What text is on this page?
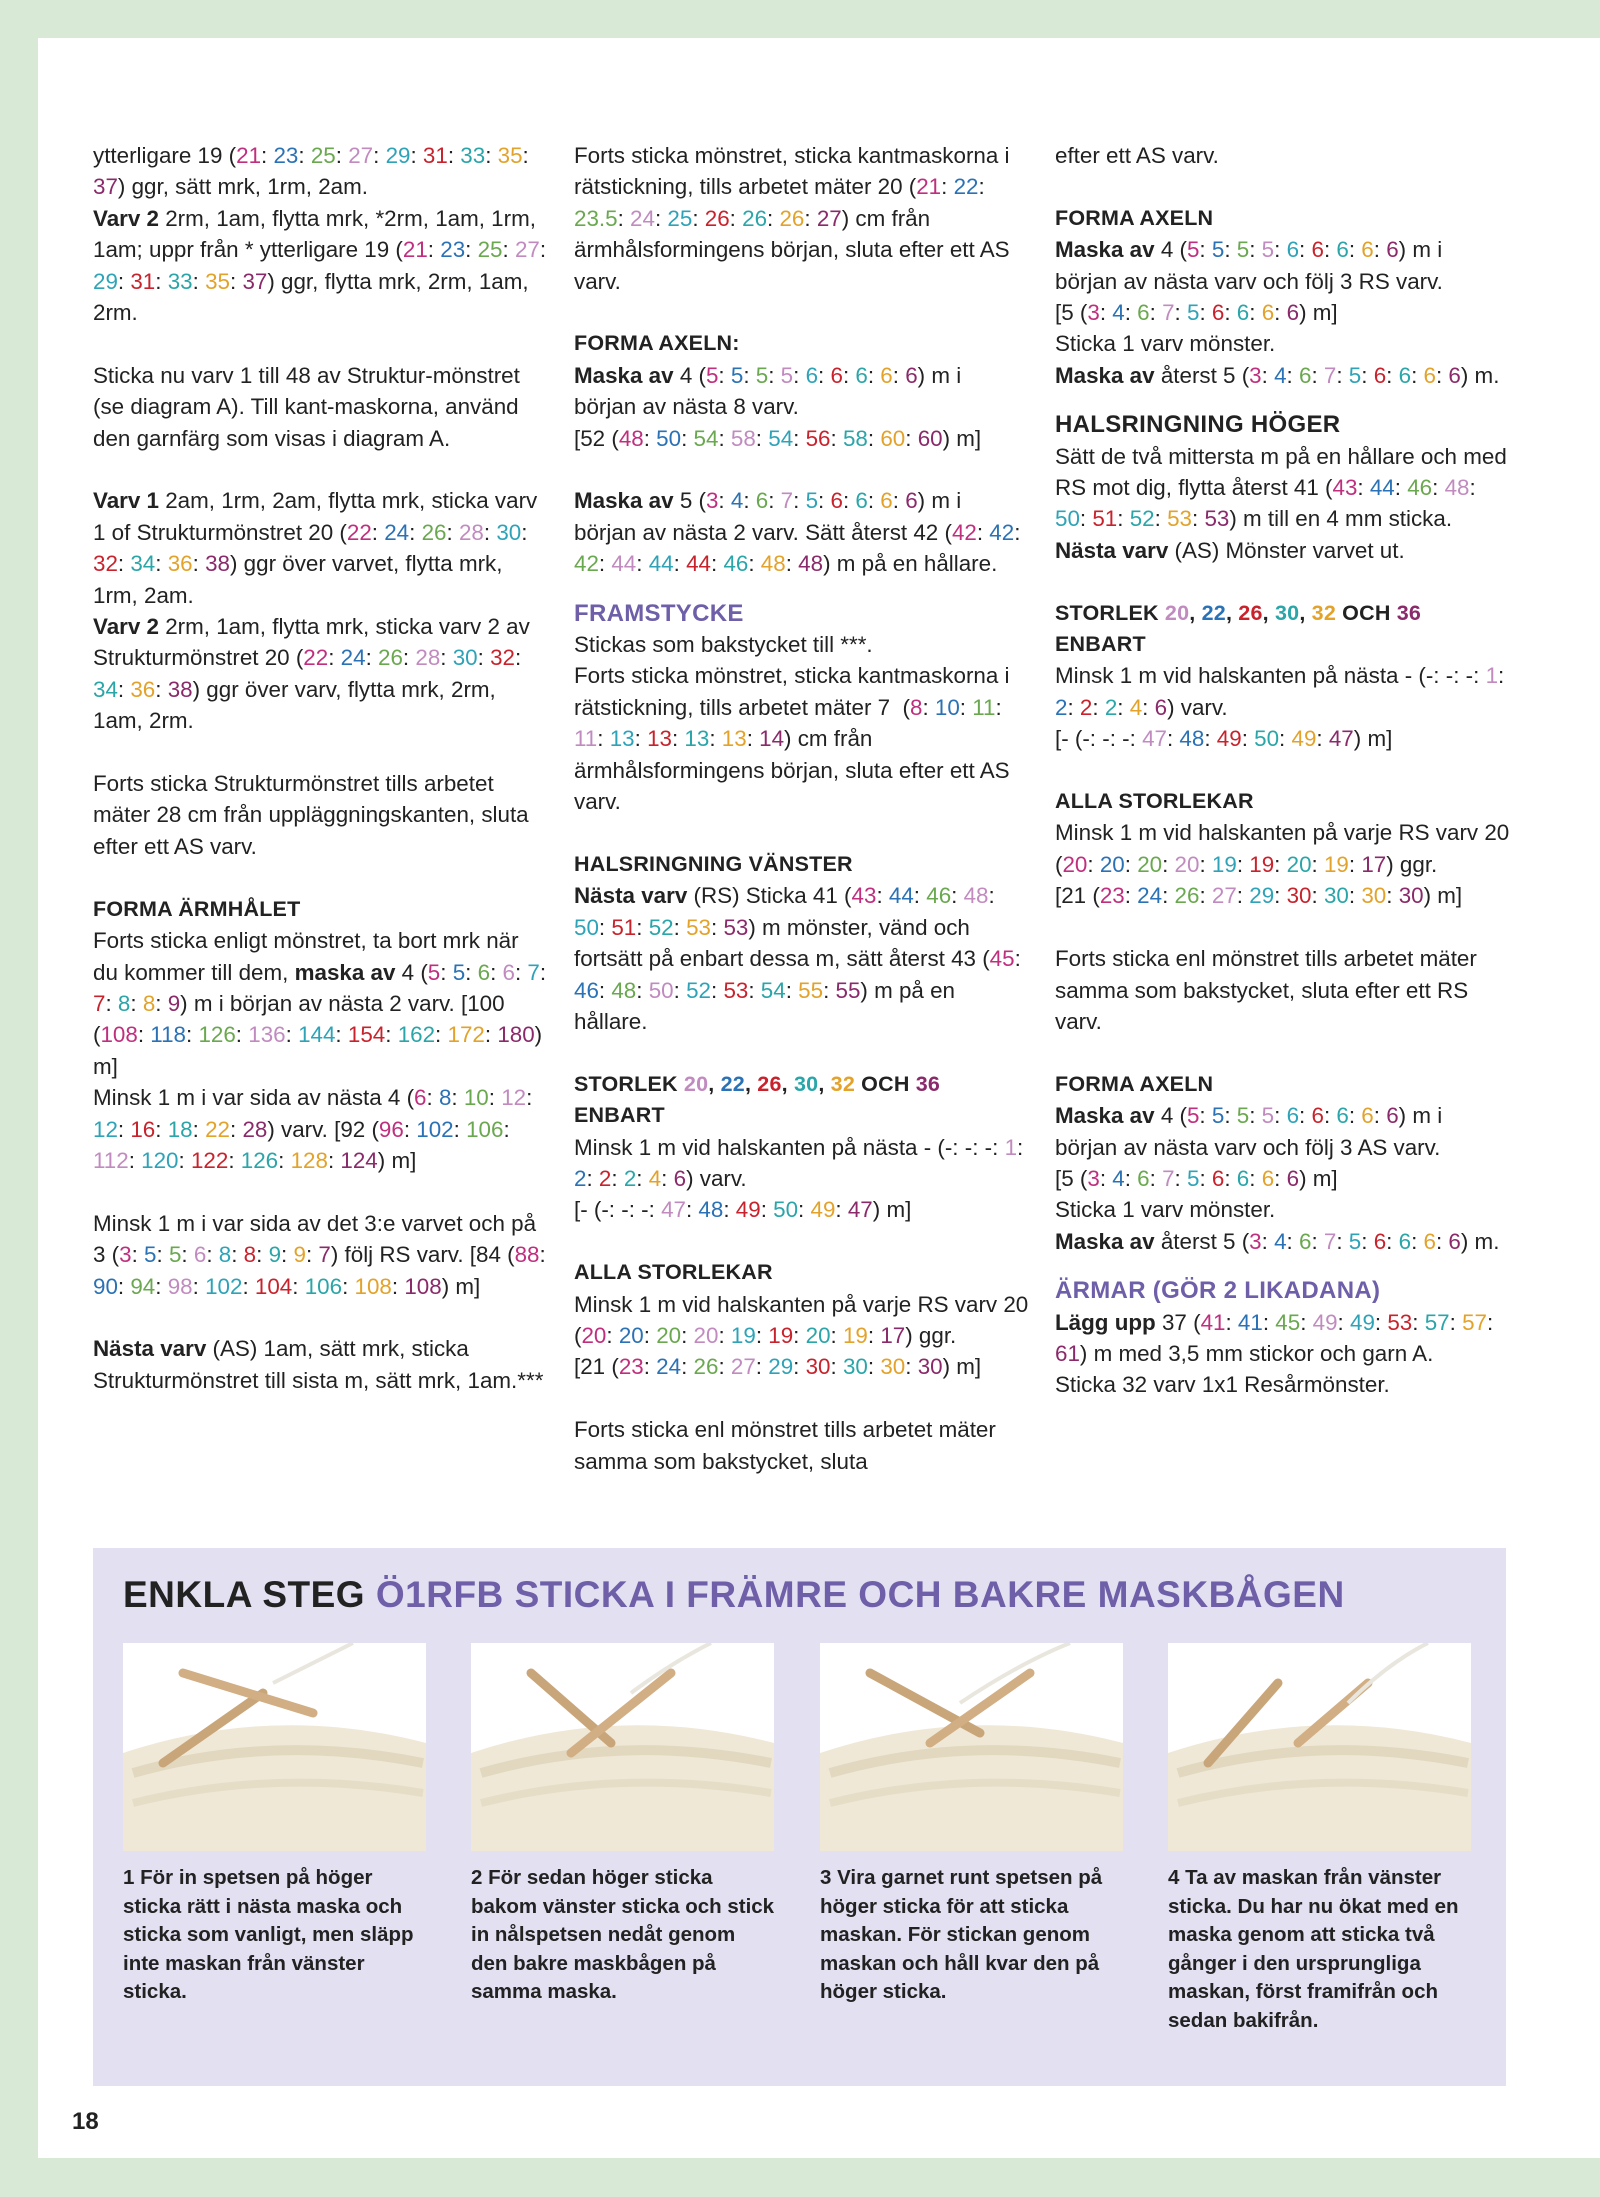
ytterligare 19 (21: 23: 25: 27: 29: 31: 33: 35: 37) ggr, sätt mrk, 1rm, 2am.

Varv 2 2rm, 1am, flytta mrk, *2rm, 1am, 1rm, 1am; uppr från * ytterligare 19 (21: 23: 25: 27: 29: 31: 33: 35: 37) ggr, flytta mrk, 2rm, 1am, 2rm.

Sticka nu varv 1 till 48 av Struktur-mönstret (se diagram A). Till kant-maskorna, använd den garnfärg som visas i diagram A.

Varv 1 2am, 1rm, 2am, flytta mrk, sticka varv 1 of Strukturmönstret 20 (22: 24: 26: 28: 30: 32: 34: 36: 38) ggr över varvet, flytta mrk, 1rm, 2am.

Varv 2 2rm, 1am, flytta mrk, sticka varv 2 av Strukturmönstret 20 (22: 24: 26: 28: 30: 32: 34: 36: 38) ggr över varv, flytta mrk, 2rm, 1am, 2rm.

Forts sticka Strukturmönstret tills arbetet mäter 28 cm från uppläggningskanten, sluta efter ett AS varv.

FORMA ÄRMHÅLET

Forts sticka enligt mönstret, ta bort mrk när du kommer till dem, maska av 4 (5: 5: 6: 6: 7: 7: 8: 8: 9) m i början av nästa 2 varv. [100 (108: 118: 126: 136: 144: 154: 162: 172: 180) m]

Minsk 1 m i var sida av nästa 4 (6: 8: 10: 12: 12: 16: 18: 22: 28) varv. [92 (96: 102: 106: 112: 120: 122: 126: 128: 124) m]

Minsk 1 m i var sida av det 3:e varvet och på 3 (3: 5: 5: 6: 8: 8: 9: 9: 7) följ RS varv. [84 (88: 90: 94: 98: 102: 104: 106: 108: 108) m]

Nästa varv (AS) 1am, sätt mrk, sticka Strukturmönstret till sista m, sätt mrk, 1am.***

Forts sticka mönstret, sticka kantmaskorna i rätstickning, tills arbetet mäter 20 (21: 22: 23.5: 24: 25: 26: 26: 26: 27) cm från ärmhålsformingens början, sluta efter ett AS varv.

FORMA AXELN:

Maska av 4 (5: 5: 5: 5: 6: 6: 6: 6: 6) m i början av nästa 8 varv.

[52 (48: 50: 54: 58: 54: 56: 58: 60: 60) m]

Maska av 5 (3: 4: 6: 7: 5: 6: 6: 6: 6) m i början av nästa 2 varv. Sätt återst 42 (42: 42: 42: 44: 44: 44: 46: 48: 48) m på en hållare.

FRAMSTYCKE

Stickas som bakstycket till ***.

Forts sticka mönstret, sticka kantmaskorna i rätstickning, tills arbetet mäter 7  (8: 10: 11: 11: 13: 13: 13: 13: 14) cm från ärmhålsformingens början, sluta efter ett AS varv.

HALSRINGNING VÄNSTER

Nästa varv (RS) Sticka 41 (43: 44: 46: 48: 50: 51: 52: 53: 53) m mönster, vänd och fortsätt på enbart dessa m, sätt återst 43 (45: 46: 48: 50: 52: 53: 54: 55: 55) m på en hållare.

STORLEK 20, 22, 26, 30, 32 OCH 36

ENBART

Minsk 1 m vid halskanten på nästa - (-: -: -: 1: 2: 2: 2: 4: 6) varv.

[- (-: -: -: 47: 48: 49: 50: 49: 47) m]

ALLA STORLEKAR

Minsk 1 m vid halskanten på varje RS varv 20 (20: 20: 20: 20: 19: 19: 20: 19: 17) ggr.

[21 (23: 24: 26: 27: 29: 30: 30: 30: 30) m]

Forts sticka enl mönstret tills arbetet mäter samma som bakstycket, sluta

efter ett AS varv.

FORMA AXELN

Maska av 4 (5: 5: 5: 5: 6: 6: 6: 6: 6) m i början av nästa varv och följ 3 RS varv.

[5 (3: 4: 6: 7: 5: 6: 6: 6: 6) m]

Sticka 1 varv mönster.

Maska av återst 5 (3: 4: 6: 7: 5: 6: 6: 6: 6) m.

HALSRINGNING HÖGER

Sätt de två mittersta m på en hållare och med RS mot dig, flytta återst 41 (43: 44: 46: 48: 50: 51: 52: 53: 53) m till en 4 mm sticka.
Nästa varv (AS) Mönster varvet ut.

STORLEK 20, 22, 26, 30, 32 OCH 36

ENBART

Minsk 1 m vid halskanten på nästa - (-: -: -: 1: 2: 2: 2: 4: 6) varv.

[- (-: -: -: 47: 48: 49: 50: 49: 47) m]

ALLA STORLEKAR

Minsk 1 m vid halskanten på varje RS varv 20 (20: 20: 20: 20: 19: 19: 20: 19: 17) ggr.

[21 (23: 24: 26: 27: 29: 30: 30: 30: 30) m]

Forts sticka enl mönstret tills arbetet mäter samma som bakstycket, sluta efter ett RS varv.

FORMA AXELN

Maska av 4 (5: 5: 5: 5: 6: 6: 6: 6: 6) m i början av nästa varv och följ 3 AS varv.

[5 (3: 4: 6: 7: 5: 6: 6: 6: 6) m]

Sticka 1 varv mönster.

Maska av återst 5 (3: 4: 6: 7: 5: 6: 6: 6: 6) m.

ÄRMAR (GÖR 2 LIKADANA)

Lägg upp 37 (41: 41: 45: 49: 49: 53: 57: 57: 61) m med 3,5 mm stickor och garn A.

Sticka 32 varv 1x1 Resårmönster.

ENKLA STEG Ö1RFB STICKA I FRÄMRE OCH BAKRE MASKBÅGEN
1 För in spetsen på höger sticka rätt i nästa maska och sticka som vanligt, men släpp inte maskan från vänster sticka.
2 För sedan höger sticka bakom vänster sticka och stick in nålspetsen nedåt genom den bakre maskbågen på samma maska.
3 Vira garnet runt spetsen på höger sticka för att sticka maskan. För stickan genom maskan och håll kvar den på höger sticka.
4 Ta av maskan från vänster sticka. Du har nu ökat med en maska genom att sticka två gånger i den ursprungliga maskan, först framifrån och sedan bakifrån.
18
